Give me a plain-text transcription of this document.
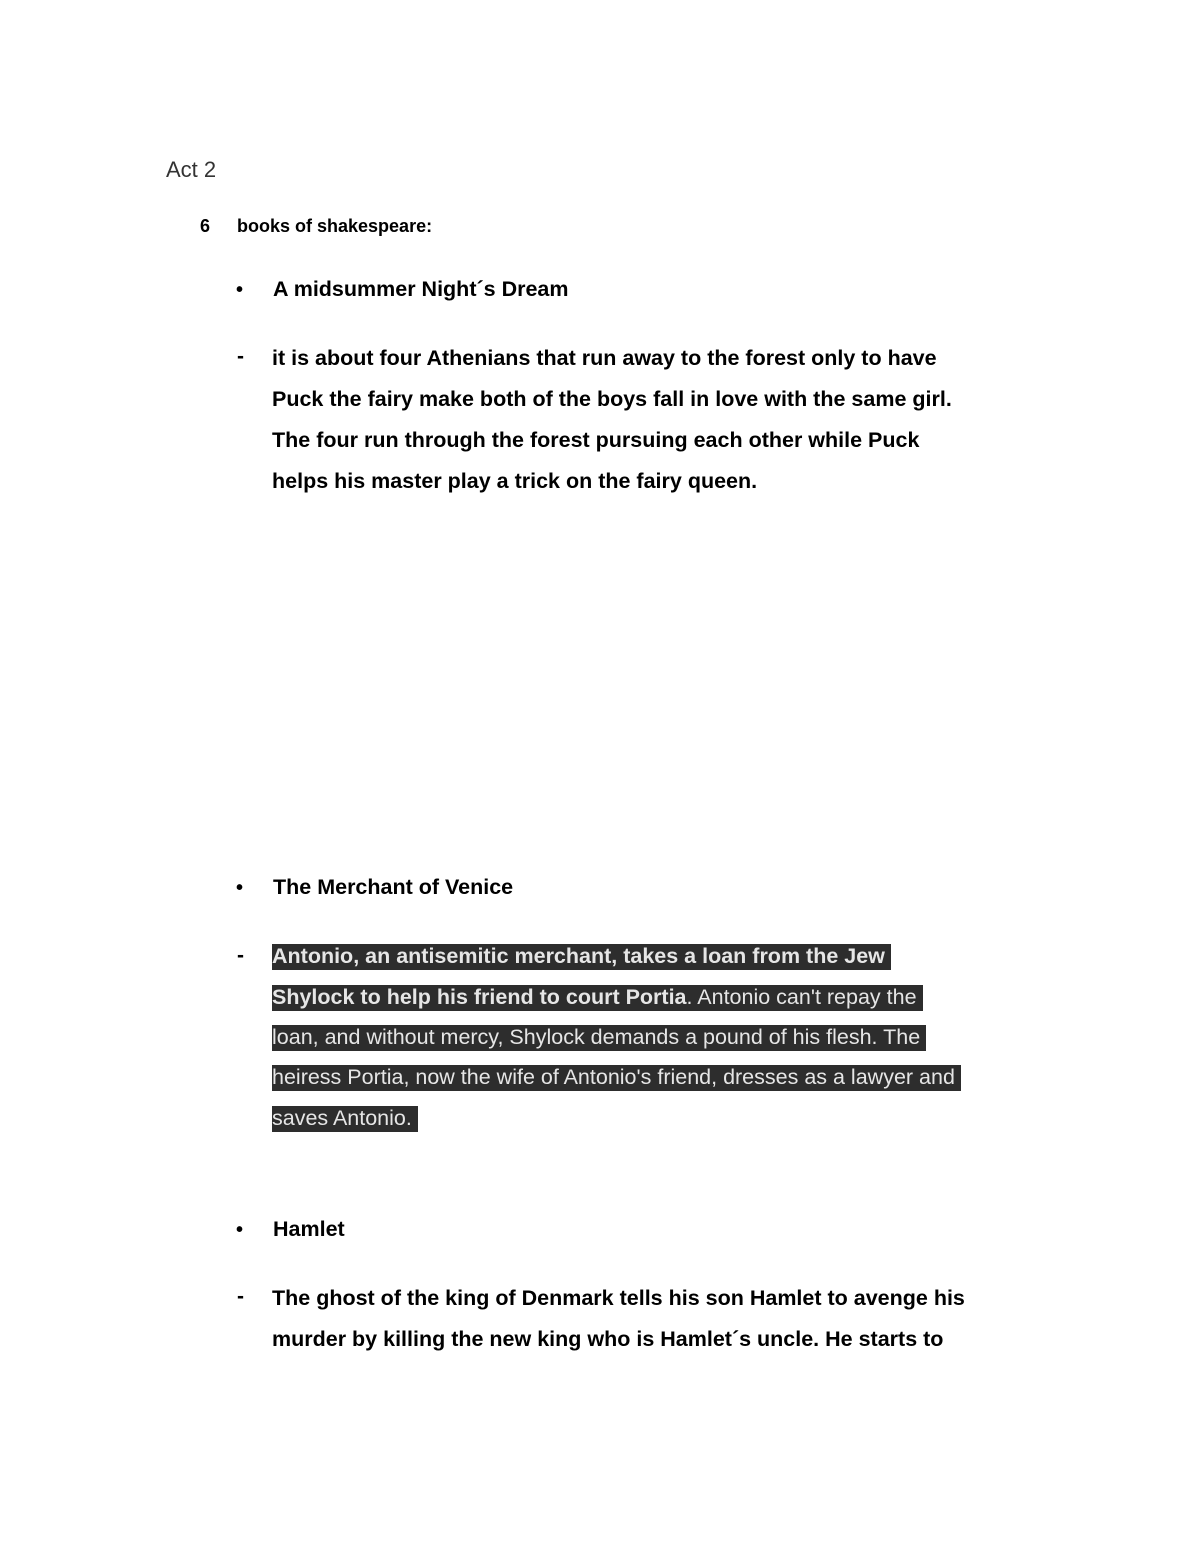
Act 2
6 books of shakespeare:
• A midsummer Night´s Dream
- it is about four Athenians that run away to the forest only to have
Puck the fairy make both of the boys fall in love with the same girl.
The four run through the forest pursuing each other while Puck
helps his master play a trick on the fairy queen.
• The Merchant of Venice
- Antonio, an antisemitic merchant, takes a loan from the Jew
Shylock to help his friend to court Portia. Antonio can't repay the
loan, and without mercy, Shylock demands a pound of his flesh. The
heiress Portia, now the wife of Antonio's friend, dresses as a lawyer and
saves Antonio.
• Hamlet
- The ghost of the king of Denmark tells his son Hamlet to avenge his
murder by killing the new king who is Hamlet´s uncle. He starts to
